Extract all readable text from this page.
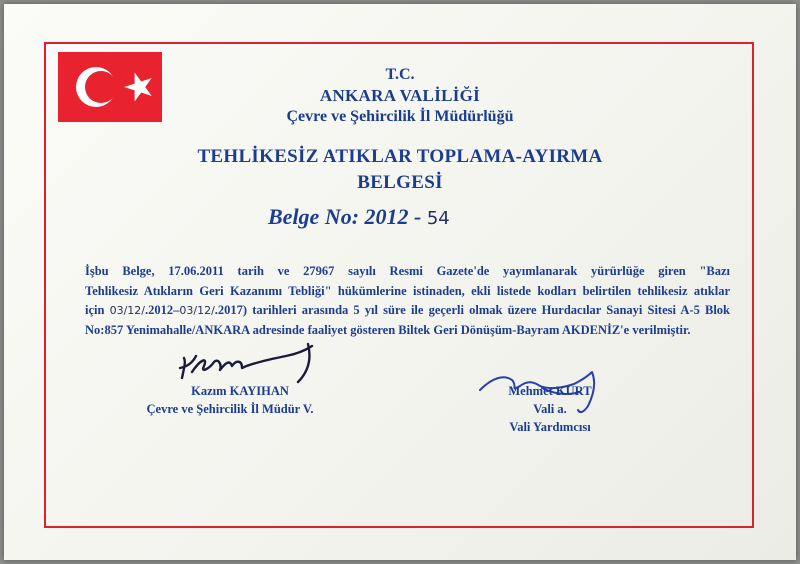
T.C.
ANKARA VALİLİĞİ
Çevre ve Şehircilik İl Müdürlüğü
TEHLİKESİZ ATIKLAR TOPLAMA-AYIRMA
BELGESİ
Belge No: 2012 - 54
İşbu Belge, 17.06.2011 tarih ve 27967 sayılı Resmi Gazete'de yayımlanarak yürürlüğe giren "Bazı
Tehlikesiz Atıkların Geri Kazanımı Tebliği" hükümlerine istinaden, ekli listede kodları belirtilen tehlikesiz atıklar
için 03/12/.2012–03/12/.2017) tarihleri arasında 5 yıl süre ile geçerli olmak üzere Hurdacılar Sanayi Sitesi A-5 Blok
No:857 Yenimahalle/ANKARA adresinde faaliyet gösteren Biltek Geri Dönüşüm-Bayram AKDENİZ'e verilmiştir.
Kazım KAYIHAN
Çevre ve Şehircilik İl Müdür V.
Mehmet KURT
Vali a.
Vali Yardımcısı
